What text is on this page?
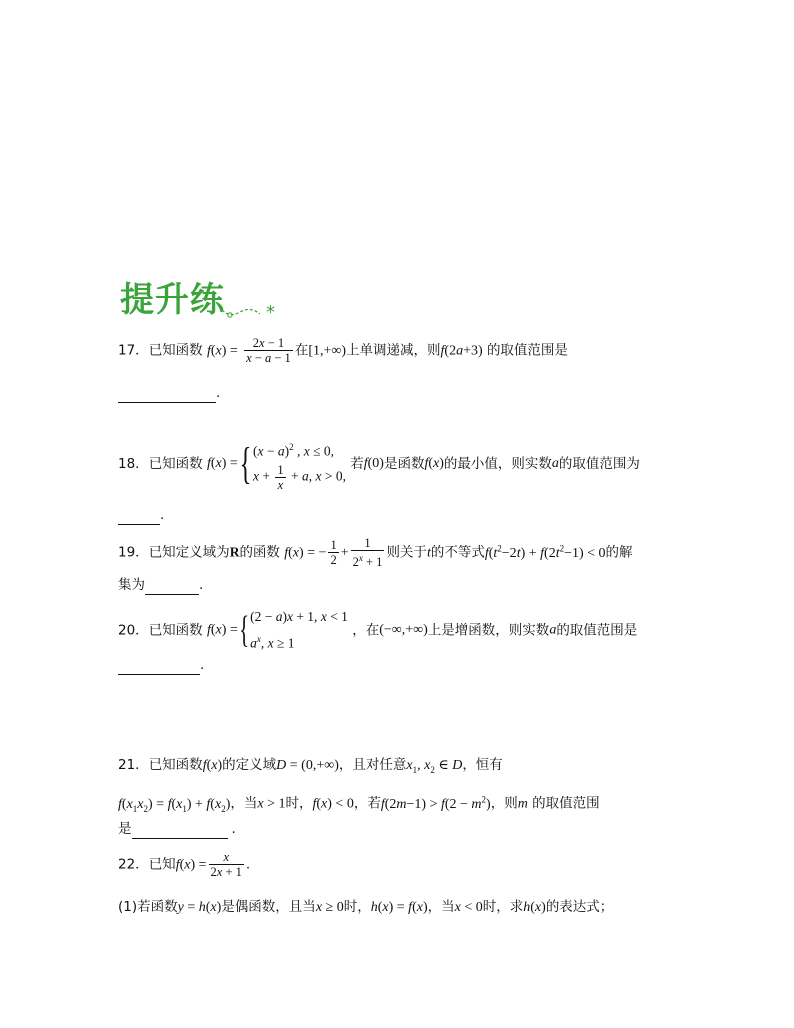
提升练 *
17．已知函数 $f(x) = \frac{2x - 1}{x - a - 1}$ 在[1,+∞)上单调递减，则f(2a+3) 的取值范围是
.
18．已知函数 f(x) ={ $(x - a)^2$ , x ≤ 0,
$x + \frac{1}{x} + a$, x > 0,
若f(0)是函数f(x)的最小值，则实数a的取值范围为
.
19．已知定义域为R的函数 f(x) = − $\frac{1}{2} + \frac{1}{2^x + 1}$ 则关于t的不等式$f(t^2-2t) + f(2t^2-1) < 0$的解
集为	.
20．已知函数 f(x) ={ (2 − a)x + 1, x < 1
$a^x$, x ≥ 1
，在(−∞,+∞)上是增函数，则实数a的取值范围是
.
21．已知函数f(x)的定义域D = (0,+∞)，且对任意$x_1$, $x_2$ ∈ D，恒有
$f(x_1x_2) = f(x_1) + f(x_2)$，当x > 1时，f(x) < 0，若$f(2m-1) > f(2 - m^2)$，则m 的取值范围
是	.
22．已知$f(x) = \frac{x}{2x + 1}$ .
(1)若函数y = h(x)是偶函数，且当x ≥ 0时，h(x) = f(x)，当x < 0时，求h(x)的表达式；
